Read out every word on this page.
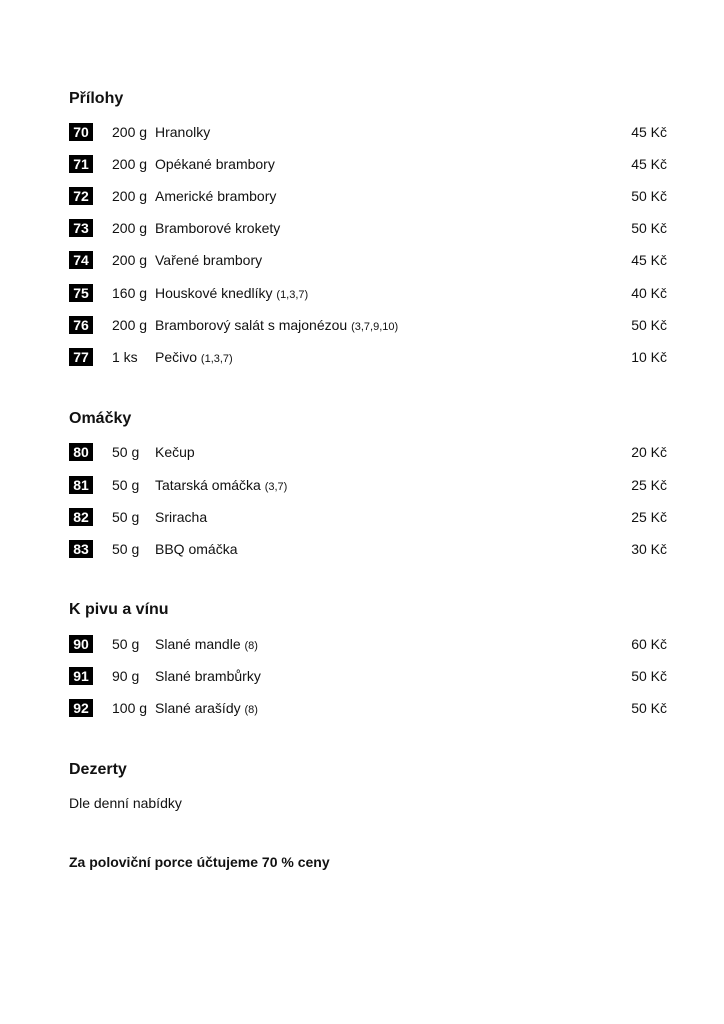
Přílohy
70	200 g Hranolky	45 Kč
71	200 g Opékané brambory	45 Kč
72	200 g Americké brambory	50 Kč
73	200 g Bramborové krokety	50 Kč
74	200 g Vařené brambory	45 Kč
75	160 g Houskové knedlíky (1,3,7)	40 Kč
76	200 g Bramborový salát s majonézou (3,7,9,10)	50 Kč
77	1 ks Pečivo (1,3,7)	10 Kč
Omáčky
80	50 g Kečup	20 Kč
81	50 g Tatarská omáčka (3,7)	25 Kč
82	50 g Sriracha	25 Kč
83	50 g BBQ omáčka	30 Kč
K pivu a vínu
90	50 g Slané mandle (8)	60 Kč
91	90 g Slané brambůrky	50 Kč
92	100 g Slané arašídy (8)	50 Kč
Dezerty
Dle denní nabídky
Za poloviční porce účtujeme 70 % ceny
